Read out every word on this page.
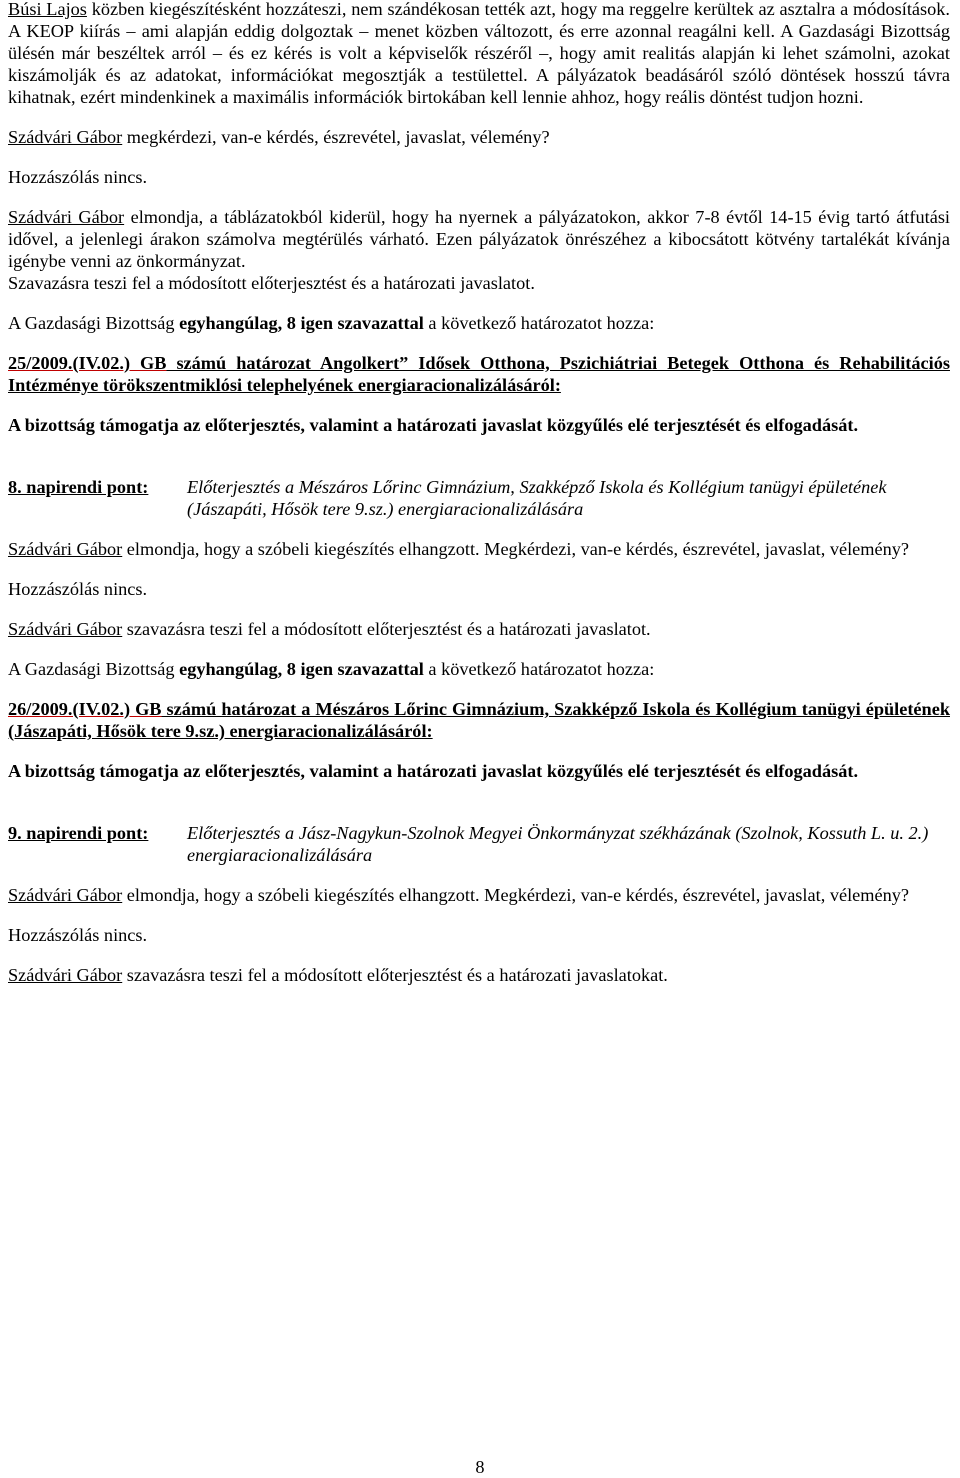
Búsi Lajos közben kiegészítésként hozzáteszi, nem szándékosan tették azt, hogy ma reggelre kerültek az asztalra a módosítások. A KEOP kiírás – ami alapján eddig dolgoztak – menet közben változott, és erre azonnal reagálni kell. A Gazdasági Bizottság ülésén már beszéltek arról – és ez kérés is volt a képviselők részéről –, hogy amit realitás alapján ki lehet számolni, azokat kiszámolják és az adatokat, információkat megosztják a testülettel. A pályázatok beadásáról szóló döntések hosszú távra kihatnak, ezért mindenkinek a maximális információk birtokában kell lennie ahhoz, hogy reális döntést tudjon hozni.

Szádvári Gábor megkérdezi, van-e kérdés, észrevétel, javaslat, vélemény?

Hozzászólás nincs.

Szádvári Gábor elmondja, a táblázatokból kiderül, hogy ha nyernek a pályázatokon, akkor 7-8 évtől 14-15 évig tartó átfutási idővel, a jelenlegi árakon számolva megtérülés várható. Ezen pályázatok önrészéhez a kibocsátott kötvény tartalékát kívánja igénybe venni az önkormányzat.

Szavazásra teszi fel a módosított előterjesztést és a határozati javaslatot.

A Gazdasági Bizottság egyhangúlag, 8 igen szavazattal a következő határozatot hozza:

25/2009.(IV.02.) GB számú határozat Angolkert” Idősek Otthona, Pszichiátriai Betegek Otthona és Rehabilitációs Intézménye törökszentmiklósi telephelyének energiaracionalizálásáról:

A bizottság támogatja az előterjesztés, valamint a határozati javaslat közgyűlés elé terjesztését és elfogadását.

8. napirendi pont:	Előterjesztés a Mészáros Lőrinc Gimnázium, Szakképző Iskola és Kollégium tanügyi épületének (Jászapáti, Hősök tere 9.sz.) energiaracionalizálására

Szádvári Gábor elmondja, hogy a szóbeli kiegészítés elhangzott. Megkérdezi, van-e kérdés, észrevétel, javaslat, vélemény?

Hozzászólás nincs.

Szádvári Gábor szavazásra teszi fel a módosított előterjesztést és a határozati javaslatot.

A Gazdasági Bizottság egyhangúlag, 8 igen szavazattal a következő határozatot hozza:

26/2009.(IV.02.) GB számú határozat a Mészáros Lőrinc Gimnázium, Szakképző Iskola és Kollégium tanügyi épületének (Jászapáti, Hősök tere 9.sz.) energiaracionalizálásáról:

A bizottság támogatja az előterjesztés, valamint a határozati javaslat közgyűlés elé terjesztését és elfogadását.

9. napirendi pont:	Előterjesztés a Jász-Nagykun-Szolnok Megyei Önkormányzat székházának (Szolnok, Kossuth L. u. 2.) energiaracionalizálására

Szádvári Gábor elmondja, hogy a szóbeli kiegészítés elhangzott. Megkérdezi, van-e kérdés, észrevétel, javaslat, vélemény?

Hozzászólás nincs.

Szádvári Gábor szavazásra teszi fel a módosított előterjesztést és a határozati javaslatokat.

8
